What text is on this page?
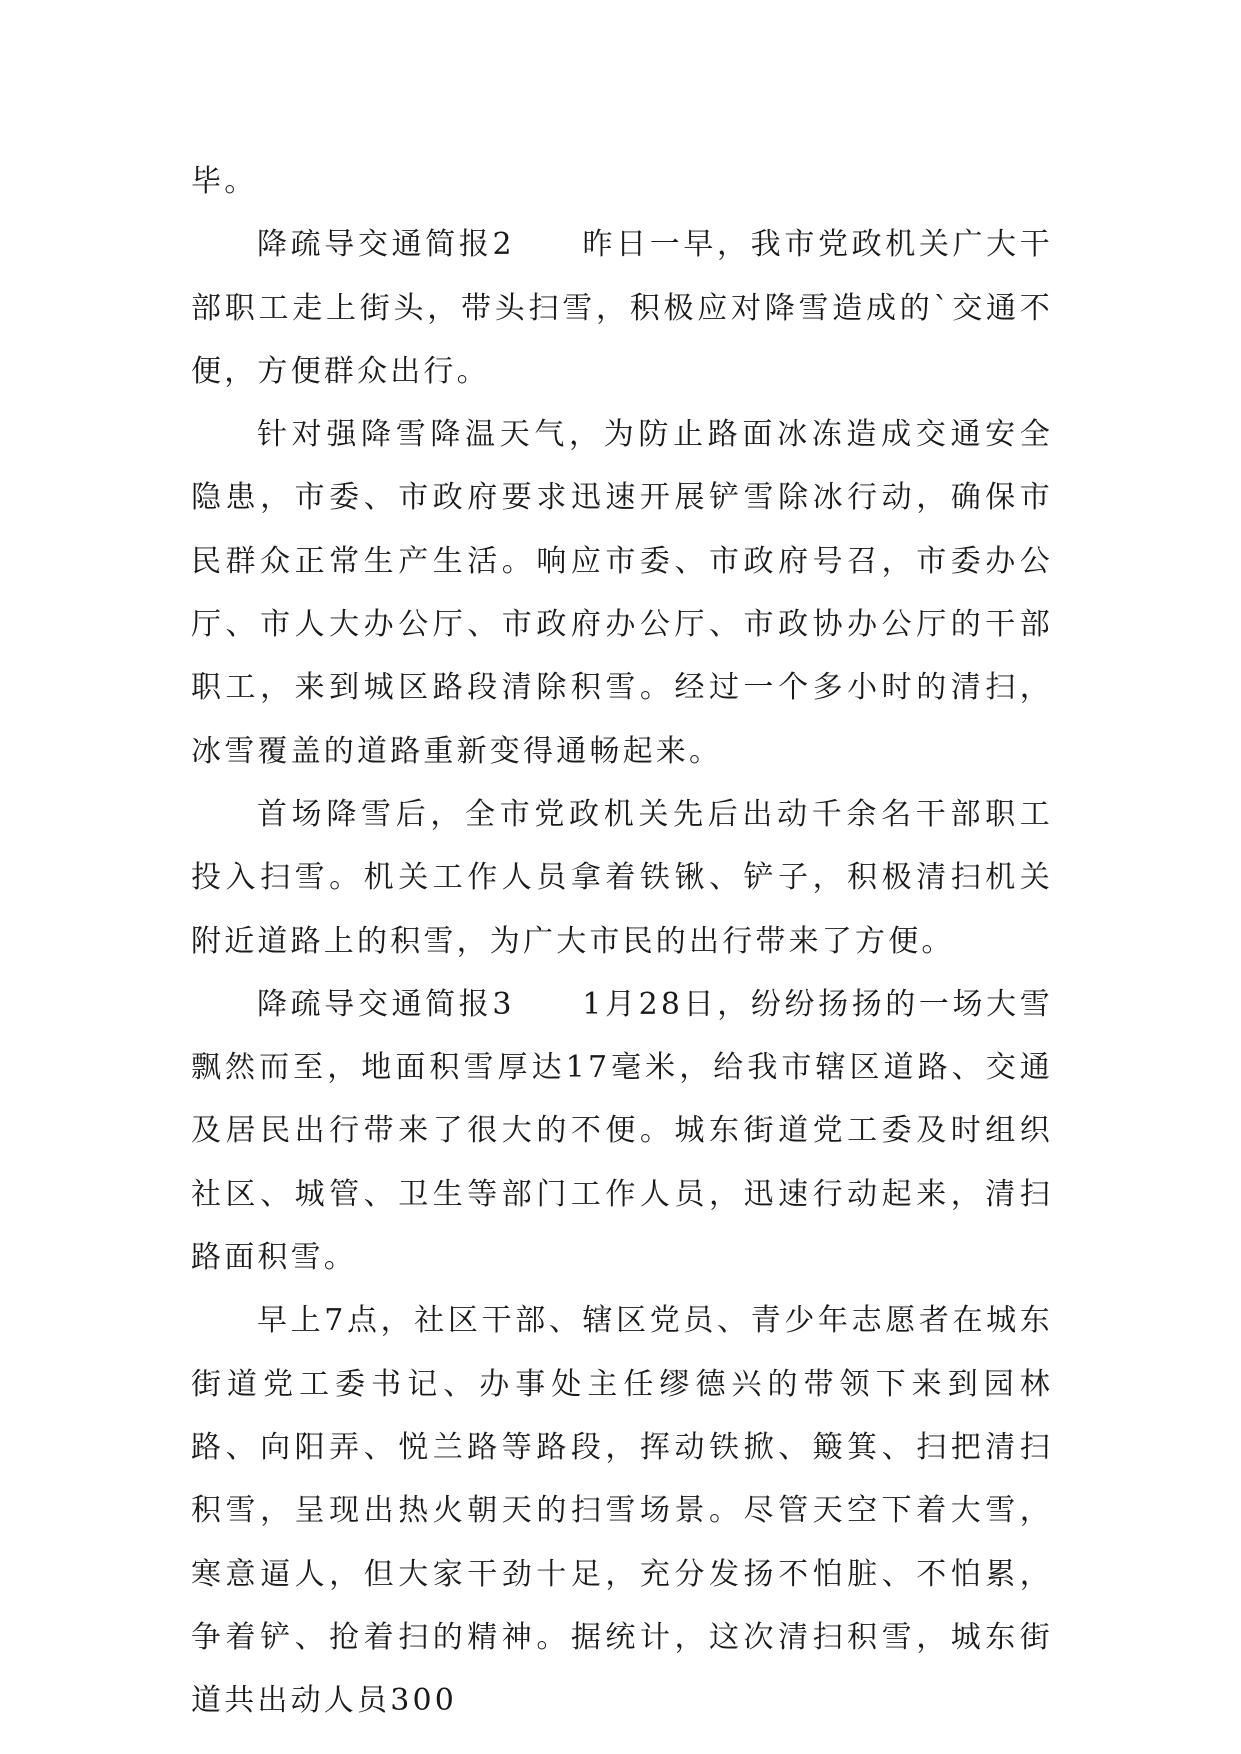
毕。

降疏导交通简报2　　昨日一早，我市党政机关广大干部职工走上街头，带头扫雪，积极应对降雪造成的`交通不便，方便群众出行。

针对强降雪降温天气，为防止路面冰冻造成交通安全隐患，市委、市政府要求迅速开展铲雪除冰行动，确保市民群众正常生产生活。响应市委、市政府号召，市委办公厅、市人大办公厅、市政府办公厅、市政协办公厅的干部职工，来到城区路段清除积雪。经过一个多小时的清扫，冰雪覆盖的道路重新变得通畅起来。

首场降雪后，全市党政机关先后出动千余名干部职工投入扫雪。机关工作人员拿着铁锹、铲子，积极清扫机关附近道路上的积雪，为广大市民的出行带来了方便。

降疏导交通简报3　　1月28日，纷纷扬扬的一场大雪飘然而至，地面积雪厚达17毫米，给我市辖区道路、交通及居民出行带来了很大的不便。城东街道党工委及时组织社区、城管、卫生等部门工作人员，迅速行动起来，清扫路面积雪。

早上7点，社区干部、辖区党员、青少年志愿者在城东街道党工委书记、办事处主任缪德兴的带领下来到园林路、向阳弄、悦兰路等路段，挥动铁掀、簸箕、扫把清扫积雪，呈现出热火朝天的扫雪场景。尽管天空下着大雪，寒意逼人，但大家干劲十足，充分发扬不怕脏、不怕累，争着铲、抢着扫的精神。据统计，这次清扫积雪，城东街道共出动人员300
